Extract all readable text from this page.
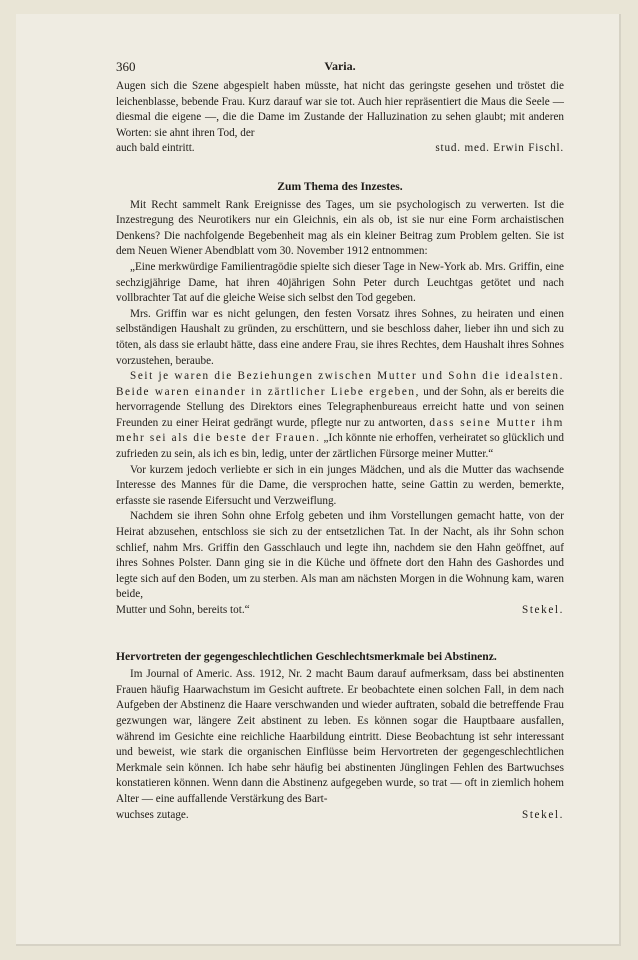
360	Varia.

Augen sich die Szene abgespielt haben müsste, hat nicht das geringste gesehen und tröstet die leichenblasse, bebende Frau. Kurz darauf war sie tot. Auch hier repräsentiert die Maus die Seele — diesmal die eigene —, die die Dame im Zustande der Halluzination zu sehen glaubt; mit anderen Worten: sie ahnt ihren Tod, der

auch bald eintritt.	stud. med. Erwin Fischl.
Zum Thema des Inzestes.

Mit Recht sammelt Rank Ereignisse des Tages, um sie psychologisch zu verwerten. Ist die Inzestregung des Neurotikers nur ein Gleichnis, ein als ob, ist sie nur eine Form archaistischen Denkens? Die nachfolgende Begebenheit mag als ein kleiner Beitrag zum Problem gelten. Sie ist dem Neuen Wiener Abendblatt vom 30. November 1912 entnommen:

„Eine merkwürdige Familientragödie spielte sich dieser Tage in New-York ab. Mrs. Griffin, eine sechzigjährige Dame, hat ihren 40jährigen Sohn Peter durch Leuchtgas getötet und nach vollbrachter Tat auf die gleiche Weise sich selbst den Tod gegeben.

Mrs. Griffin war es nicht gelungen, den festen Vorsatz ihres Sohnes, zu heiraten und einen selbständigen Haushalt zu gründen, zu erschüttern, und sie beschloss daher, lieber ihn und sich zu töten, als dass sie erlaubt hätte, dass eine andere Frau, sie ihres Rechtes, dem Haushalt ihres Sohnes vorzustehen, beraube.

Seit je waren die Beziehungen zwischen Mutter und Sohn die idealsten. Beide waren einander in zärtlicher Liebe ergeben, und der Sohn, als er bereits die hervorragende Stellung des Direktors eines Telegraphenbureaus erreicht hatte und von seinen Freunden zu einer Heirat gedrängt wurde, pflegte nur zu antworten, dass seine Mutter ihm mehr sei als die beste der Frauen. „Ich könnte nie erhoffen, verheiratet so glücklich und zufrieden zu sein, als ich es bin, ledig, unter der zärtlichen Fürsorge meiner Mutter.“

Vor kurzem jedoch verliebte er sich in ein junges Mädchen, und als die Mutter das wachsende Interesse des Mannes für die Dame, die versprochen hatte, seine Gattin zu werden, bemerkte, erfasste sie rasende Eifersucht und Verzweiflung.

Nachdem sie ihren Sohn ohne Erfolg gebeten und ihm Vorstellungen gemacht hatte, von der Heirat abzusehen, entschloss sie sich zu der entsetzlichen Tat. In der Nacht, als ihr Sohn schon schlief, nahm Mrs. Griffin den Gasschlauch und legte ihn, nachdem sie den Hahn geöffnet, auf ihres Sohnes Polster. Dann ging sie in die Küche und öffnete dort den Hahn des Gashordes und legte sich auf den Boden, um zu sterben. Als man am nächsten Morgen in die Wohnung kam, waren beide,

Mutter und Sohn, bereits tot.“	Stekel.
Hervortreten der gegengeschlechtlichen Geschlechtsmerkmale bei Abstinenz.

Im Journal of Americ. Ass. 1912, Nr. 2 macht Baum darauf aufmerksam, dass bei abstinenten Frauen häufig Haarwachstum im Gesicht auftrete. Er beobachtete einen solchen Fall, in dem nach Aufgeben der Abstinenz die Haare verschwanden und wieder auftraten, sobald die betreffende Frau gezwungen war, längere Zeit abstinent zu leben. Es können sogar die Hauptbaare ausfallen, während im Gesichte eine reichliche Haarbildung eintritt. Diese Beobachtung ist sehr interessant und beweist, wie stark die organischen Einflüsse beim Hervortreten der gegengeschlechtlichen Merkmale sein können. Ich habe sehr häufig bei abstinenten Jünglingen Fehlen des Bartwuchses konstatieren können. Wenn dann die Abstinenz aufgegeben wurde, so trat — oft in ziemlich hohem Alter — eine auffallende Verstärkung des Bart-

wuchses zutage.	Stekel.
